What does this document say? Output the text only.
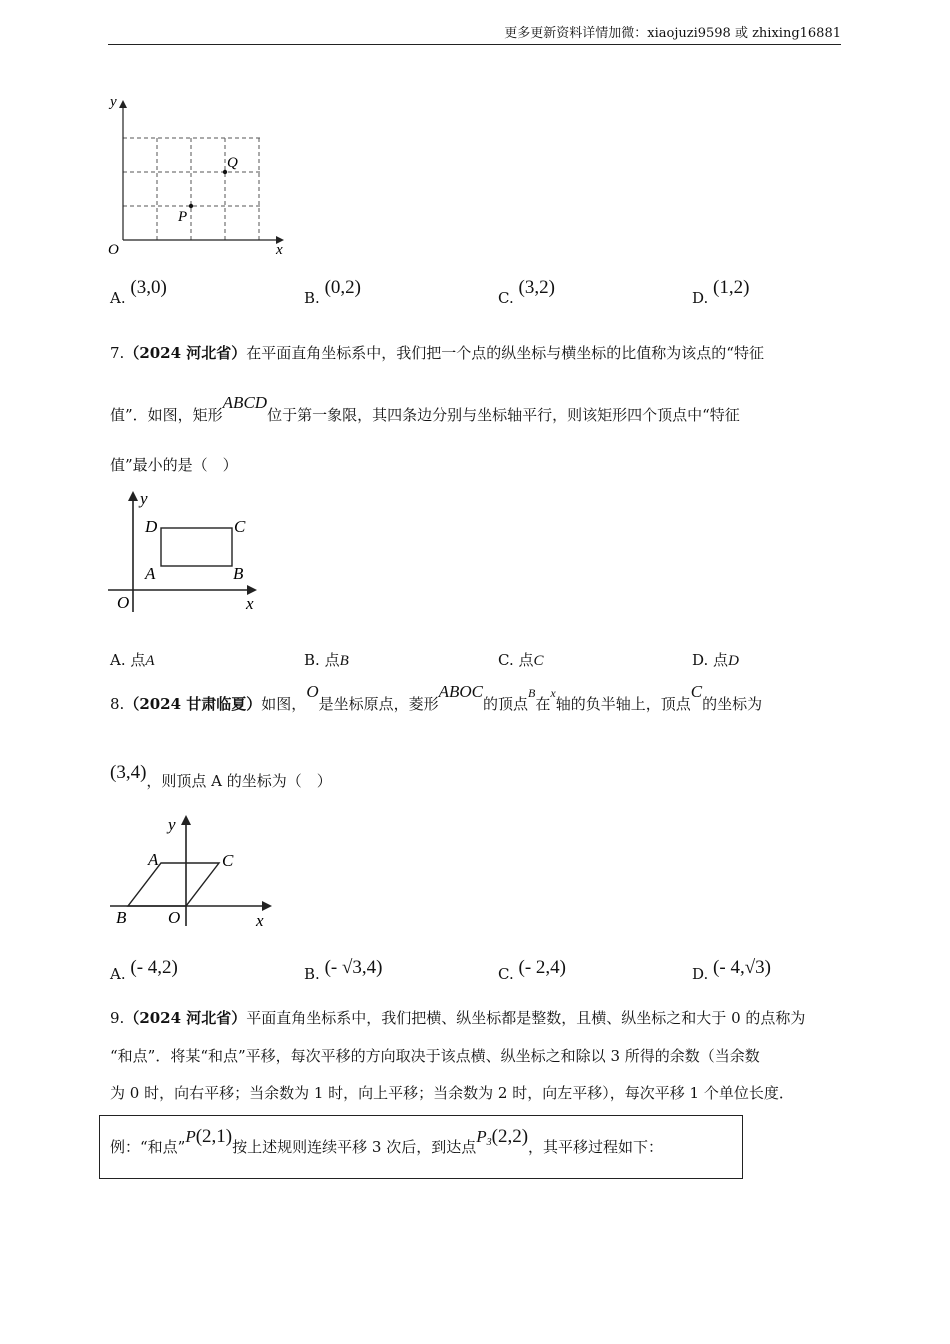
更多更新资料详情加微：xiaojuzi9598 或 zhixing16881
y
x
O
Q
P
A. (3,0)	B. (0,2)	C. (3,2)	D. (1,2)
7.（2024 河北省）在平面直角坐标系中，我们把一个点的纵坐标与横坐标的比值称为该点的“特征
值”．如图，矩形ABCD位于第一象限，其四条边分别与坐标轴平行，则该矩形四个顶点中“特征
值”最小的是（　）
y
x
O
A	B
C
D
A. 点A	B. 点B	C. 点C	D. 点D
8.（2024 甘肃临夏）如图，O是坐标原点，菱形ABOC的顶点$^B$在$^x$轴的负半轴上，顶点C的坐标为
(3,4)，则顶点 A 的坐标为（　）
y
x
O
A
B
C
A. (- 4,2)	B. (- √3,4)	C. (- 2,4)	D. (- 4,√3)
9.（2024 河北省）平面直角坐标系中，我们把横、纵坐标都是整数，且横、纵坐标之和大于 0 的点称为
“和点”．将某“和点”平移，每次平移的方向取决于该点横、纵坐标之和除以 3 所得的余数（当余数
为 0 时，向右平移；当余数为 1 时，向上平移；当余数为 2 时，向左平移），每次平移 1 个单位长度．
例：“和点”P(2,1)按上述规则连续平移 3 次后，到达点$P_3(2,2)$，其平移过程如下：
